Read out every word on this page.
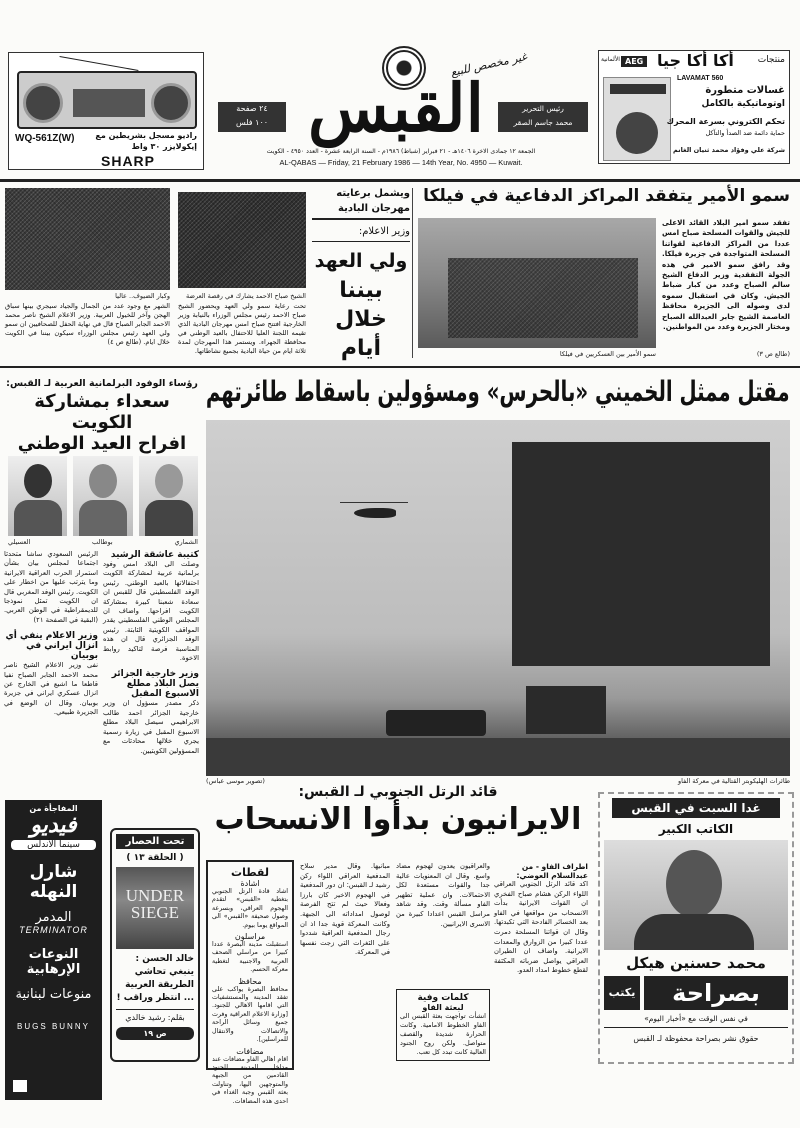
WQ-561Z(W)	راديو مسجل بشريطين مع
إيكولايزر ٣٠ واط
SHARP
٢٤ صفحة
١٠٠ فلس القبس
غير مخصص للبيع
رئيس التحرير
محمد جاسم الصقر
الجمعة ١٢ جمادى الاخرة ١٤٠٦هـ - ٢١ فبراير (شباط) ١٩٨٦م - السنة الرابعة عشرة - العدد ٤٩٥٠ - الكويت
AL-QABAS — Friday, 21 February 1986 — 14th Year, No. 4950 — Kuwait.
AEG
الألمانية أكا أكا جيا	منتجات
LAVAMAT 560
غسالات متطورة
اوتوماتيكية بالكامل
تحكم الكتروني بسرعة المحرك
حماية دائمة ضد الصدأ والتآكل
شركة علي وفؤاد محمد ثنيان الغانم
وكبار الضيوف.. عاليا	الشيخ صباح الاحمد يشارك في رقصة العرضة
الشهر مع وجود عدد من الجمال والجياد سيجري بينها سباق الهجن وآخر للخيول العربية. وزير الاعلام الشيخ ناصر محمد الاحمد الجابر الصباح قال في نهاية الحفل للصحافيين ان سمو ولي العهد رئيس مجلس الوزراء سيكون بيننا في الكويت خلال ايام. (طالع ص ٤)
تحت رعاية سمو ولي العهد ويحضور الشيخ صباح الاحمد رئيس مجلس الوزراء بالنيابة وزير الخارجية افتتح صباح امس مهرجان البادية الذي تقيمه اللجنة العليا للاحتفال بالعيد الوطني في محافظة الجهراء. ويستمر هذا المهرجان لمدة ثلاثة ايام من حياة البادية بجميع نشاطاتها.
ويشمل برعايته
مهرجان البادية
وزير الاعلام:
ولي العهد
بيننا
خلال
أيام
سمو الأمير يتفقد المراكز الدفاعية في فيلكا
سمو الأمير بين العسكريين في فيلكا
تفقد سمو امير البلاد القائد الاعلى للجيش والقوات المسلحة صباح امس عددا من المراكز الدفاعية لقواتنا المسلحة المتواجدة في جزيرة فيلكا. وقد رافق سمو الامير في هذه الجولة التفقدية وزير الدفاع الشيخ سالم الصباح وعدد من كبار ضباط الجيش. وكان في استقبال سموه لدى وصوله الى الجزيرة محافظ العاصمة الشيخ جابر العبدالله الصباح ومختار الجزيرة وعدد من المواطنين.
(طالع ص ٣)
مقتل ممثل الخميني «بالحرس» ومسؤولين باسقاط طائرتهم
(تصوير موسى عباس)	طائرات الهليكوبتر القتالية في معركة الفاو
رؤساء الوفود البرلمانية العربية لـ القبس:
سعداء بمشاركة الكويت
افراح العيد الوطني
الشماري
بوطالب
العسيلي
كتيبة عاشقة الرشيد
وصلت الى البلاد امس وفود برلمانية عربية لمشاركة الكويت احتفالاتها بالعيد الوطني. رئيس الوفد الفلسطيني قال للقبس ان سعادة شعبنا كبيرة بمشاركة الكويت افراحها. واضاف ان المجلس الوطني الفلسطيني يقدر المواقف الكويتية الثابتة. رئيس الوفد الجزائري قال ان هذه المناسبة فرصة لتاكيد روابط الاخوة.
وزير خارجية الجزائر يصل البلاد مطلع الاسبوع المقبل
ذكر مصدر مسؤول ان وزير خارجية الجزائر احمد طالب الابراهيمي سيصل البلاد مطلع الاسبوع المقبل في زيارة رسمية يجري خلالها محادثات مع المسؤولين الكويتيين.
الرئيس السعودي ساشا متحدثا اجتماعا لمجلس بيان بشأن استمرار الحرب العراقية الايرانية وما يترتب عليها من اخطار على الكويت. رئيس الوفد المغربي قال ان الكويت تمثل نموذجا للديمقراطية في الوطن العربي. (البقية في الصفحة ٢١)
وزير الاعلام ينفي أي انزال ايراني في بوبيان
نفى وزير الاعلام الشيخ ناصر محمد الاحمد الجابر الصباح نفيا قاطعا ما اشيع في الخارج عن انزال عسكري ايراني في جزيرة بوبيان. وقال ان الوضع في الجزيرة طبيعي.
المفاجأة من
فيديو
سينما الأندلس
شارل النهله
المدمر
TERMINATOR
النوعات الإرهابية
منوعات لبنانية
BUGS BUNNY
تحت الحصار
( الحلقة ١٣ )
UNDER
SIEGE
خالد الحسن : ينبغي تحاشي الطريقة العربية ... انتظر وراقب !
بقلم: رشيد خالدي
ص ١٩
قائد الرتل الجنوبي لـ القبس:
الايرانيون بدأوا الانسحاب
لقطات
اشادة
اشاد قادة الرتل الجنوبي بتغطية «القبس» لتقدم الهجوم العراقي، وبسرعة وصول صحيفة «القبس» الى المواقع يوما بيوم.
مراسلون
استقبلت مدينة البصرة عددا كبيرا من مراسلي الصحف العربية والاجنبية لتغطية معركة الحسم.
محافظ
محافظ البصرة يواكب على تفقد المدينة والمستشفيات التي اقامها الاهالي للجنود. [وزارة الاعلام العراقية وفرت جميع وسائل الراحة والاتصالات والانتقال للمراسلين].
مضافات
اقام اهالي الفاو مضافات عند مداخل المدينة للجنود القادمين من الجبهة والمتوجهين اليها، وتناولت بعثة القبس وجبة الغداء في احدى هذه المضافات.
مبانيها. وقال مدير سلاح المدفعية العراقي اللواء ركن رشيد لـ القبس: ان دور المدفعية في الهجوم الاخير كان بارزا وفعالا حيث لم تتح الفرصة لوصول امداداته الى الجبهة. وكانت المعركة قوية جدا اذ ان رجال المدفعية العراقية شددوا على الثغرات التي زجت نفسها في المعركة.
والعراقيون يعدون لهجوم مضاد واسع. وقال ان المعنويات عالية جدا والقوات مستعدة لكل الاحتمالات. وان عملية تطهير الفاو مسألة وقت. وقد شاهد مراسل القبس اعدادا كبيرة من الاسرى الايرانيين.
كلمات وفية
لبعثة الفاو
انشأت تواجهت بعثة القبس الى الفاو الخطوط الامامية. وكانت الحرارة شديدة والقصف متواصل. ولكن روح الجنود العالية كانت تبدد كل تعب.
اطراف الفاو - من عبدالسلام العوضي:
اكد قائد الرتل الجنوبي العراقي اللواء الركن هشام صباح الفخري ان القوات الايرانية بدأت الانسحاب من مواقعها في الفاو بعد الخسائر الفادحة التي تكبدتها. وقال ان قواتنا المسلحة دمرت عددا كبيرا من الزوارق والمعدات الايرانية. واضاف ان الطيران العراقي يواصل ضرباته المكثفة لقطع خطوط امداد العدو.
غدا السبت في القبس
الكاتب الكبير
محمد حسنين هيكل
بصراحة
يكتب
في نفس الوقت مع «أخبار اليوم»
حقوق نشر بصراحة محفوظة لـ القبس
